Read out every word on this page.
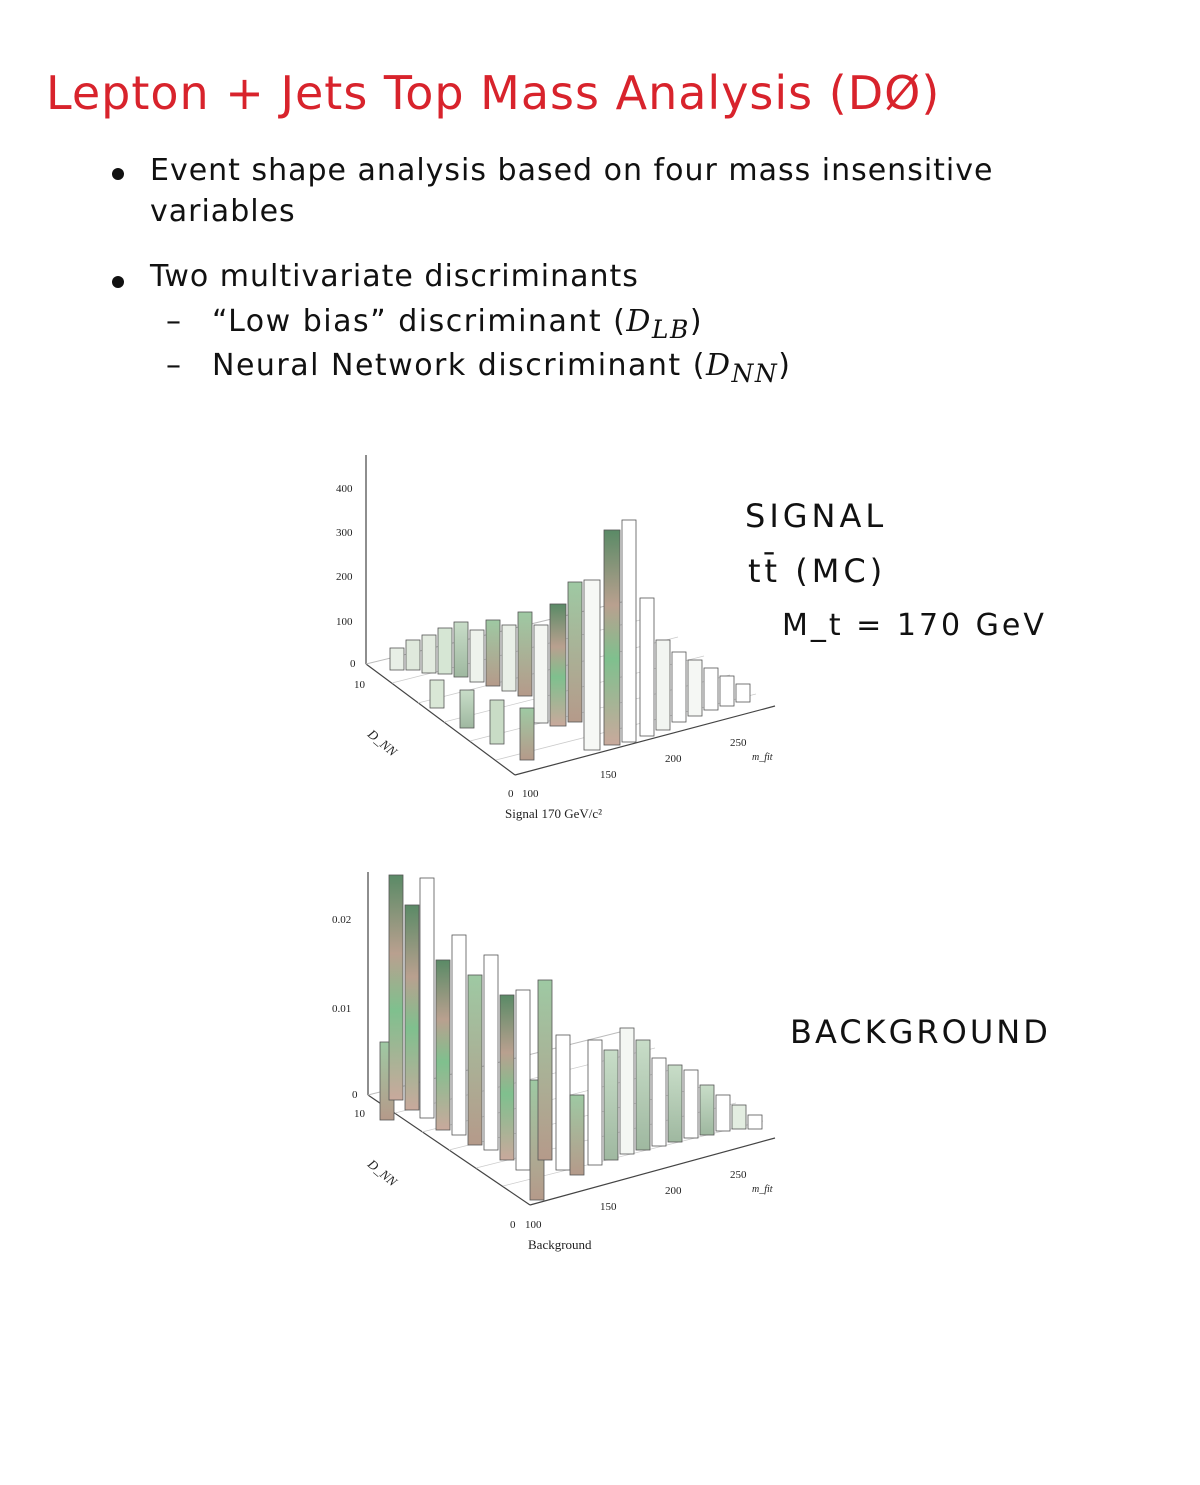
Lepton + Jets Top Mass Analysis (DØ)
Event shape analysis based on four mass insensitive
variables
Two multivariate discriminants
– “Low bias” discriminant $(D_{LB})$
– Neural Network discriminant $(D_{NN})$
400
300
200
100
0
10
0
D_NN
100
150
200
250
m_fit
Signal 170 GeV/c²
SIGNAL
tt̄ (MC)
M_t = 170 GeV
0.02
0.01
0
10
0
D_NN
100
150
200
250
m_fit
Background
BACKGROUND
